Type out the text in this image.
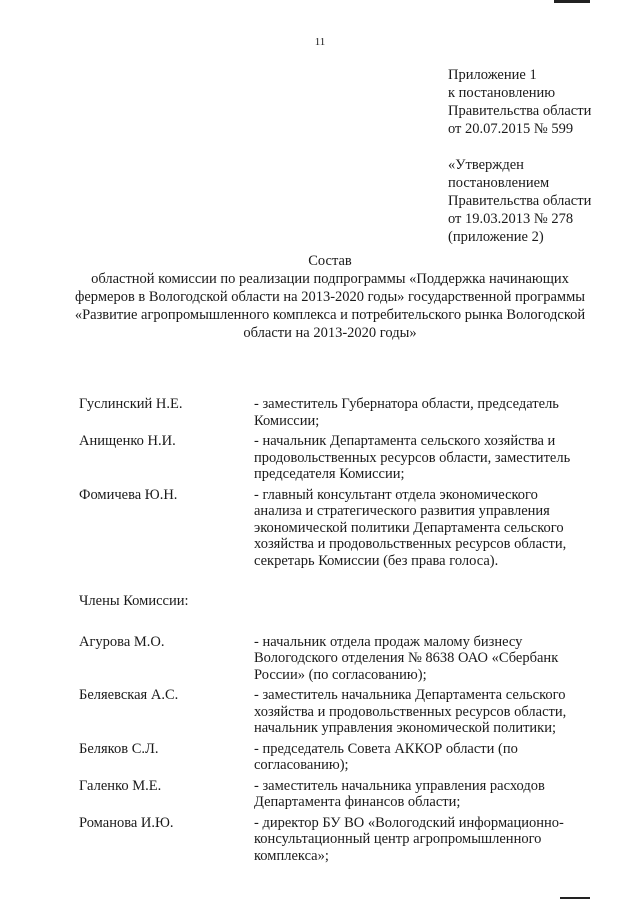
11
Приложение 1
к постановлению
Правительства области
от 20.07.2015 № 599
«Утвержден
постановлением
Правительства области
от 19.03.2013 № 278
(приложение 2)
Состав
областной комиссии по реализации подпрограммы «Поддержка начинающих
фермеров в Вологодской области на 2013-2020 годы» государственной программы
«Развитие агропромышленного комплекса и потребительского рынка Вологодской
области на 2013-2020 годы»
Гуслинский Н.Е.	- заместитель Губернатора области, председатель
Комиссии;
Анищенко Н.И.	- начальник Департамента сельского хозяйства и
продовольственных ресурсов области, заместитель
председателя Комиссии;
Фомичева Ю.Н.	- главный консультант отдела экономического
анализа и стратегического развития управления
экономической политики Департамента сельского
хозяйства и продовольственных ресурсов области,
секретарь Комиссии (без права голоса).
Члены Комиссии:
Агурова М.О.	- начальник отдела продаж малому бизнесу
Вологодского отделения № 8638 ОАО «Сбербанк
России» (по согласованию);
Беляевская А.С.	- заместитель начальника Департамента сельского
хозяйства и продовольственных ресурсов области,
начальник управления экономической политики;
Беляков С.Л.	- председатель Совета АККОР области (по
согласованию);
Галенко М.Е.	- заместитель начальника управления расходов
Департамента финансов области;
Романова И.Ю.	- директор БУ ВО «Вологодский информационно-
консультационный центр агропромышленного
комплекса»;
